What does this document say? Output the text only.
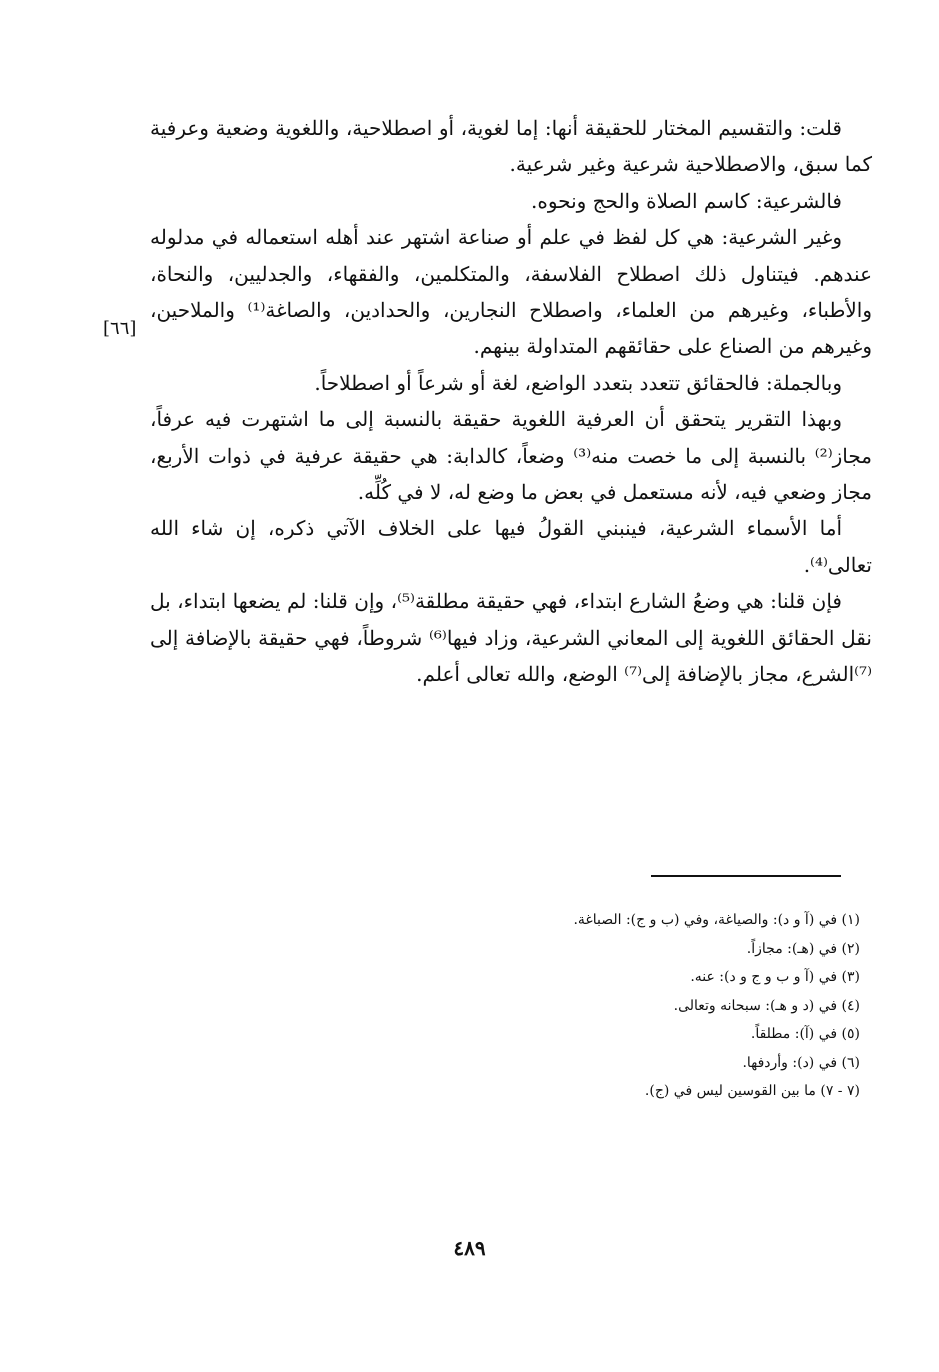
قلت: والتقسيم المختار للحقيقة أنها: إما لغوية، أو اصطلاحية، واللغوية وضعية وعرفية كما سبق، والاصطلاحية شرعية وغير شرعية.

فالشرعية: كاسم الصلاة والحج ونحوه.

وغير الشرعية: هي كل لفظ في علم أو صناعة اشتهر عند أهله استعماله في مدلوله عندهم. فيتناول ذلك اصطلاح الفلاسفة، والمتكلمين، والفقهاء، والجدليين، والنحاة، والأطباء، وغيرهم من العلماء، واصطلاح النجارين، والحدادين، والصاغة⁽¹⁾ والملاحين، وغيرهم من الصناع على حقائقهم المتداولة بينهم.

وبالجملة: فالحقائق تتعدد بتعدد الواضع، لغة أو شرعاً أو اصطلاحاً.

وبهذا التقرير يتحقق أن العرفية اللغوية حقيقة بالنسبة إلى ما اشتهرت فيه عرفاً، مجاز⁽²⁾ بالنسبة إلى ما خصت منه⁽³⁾ وضعاً، كالدابة: هي حقيقة عرفية في ذوات الأربع، مجاز وضعي فيه، لأنه مستعمل في بعض ما وضع له، لا في كُلِّه.

أما الأسماء الشرعية، فينبني القولُ فيها على الخلاف الآتي ذكره، إن شاء الله تعالى⁽⁴⁾.

فإن قلنا: هي وضعُ الشارع ابتداء، فهي حقيقة مطلقة⁽⁵⁾، وإن قلنا: لم يضعها ابتداء، بل نقل الحقائق اللغوية إلى المعاني الشرعية، وزاد فيها⁽⁶⁾ شروطاً، فهي حقيقة بالإضافة إلى ⁽⁷⁾الشرع، مجاز بالإضافة إلى⁽⁷⁾ الوضع، والله تعالى أعلم.

[٦٦]
(١) في (آ و د): والصياغة، وفي (ب و ج): الصباغة.
(٢) في (هـ): مجازاً.
(٣) في (آ و ب و ج و د): عنه.
(٤) في (د و هـ): سبحانه وتعالى.
(٥) في (آ): مطلقاً.
(٦) في (د): وأردفها.
(٧ - ٧) ما بين القوسين ليس في (ج).
٤٨٩
